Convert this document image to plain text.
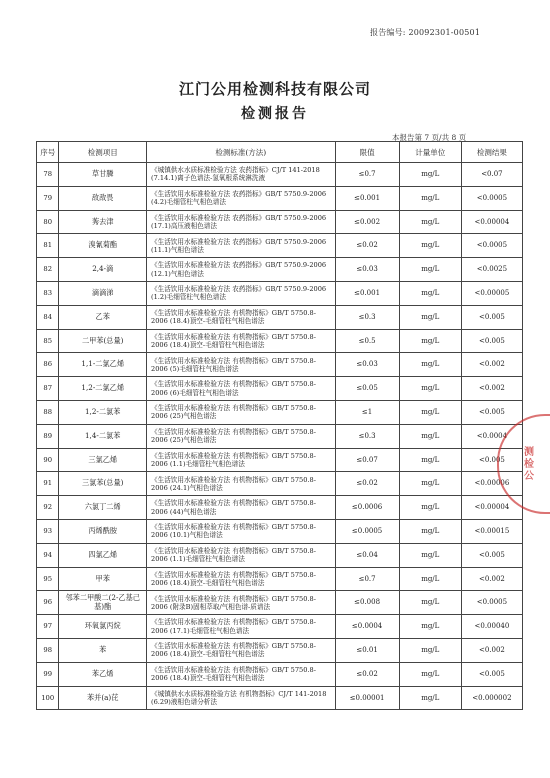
报告编号: 20092301-00501
江门公用检测科技有限公司
检测报告
本报告第 7 页/共 8 页
序号	检测项目	检测标准(方法)	限值	计量单位	检测结果
78	草甘膦	《城镇供水水质标准检验方法 农药指标》CJ/T 141-2018 (7.14.1)离子色谱法-氢氧根系统淋洗液	≤0.7	mg/L	<0.07
79	敌敌畏	《生活饮用水标准检验方法 农药指标》GB/T 5750.9-2006 (4.2)毛细管柱气相色谱法	≤0.001	mg/L	<0.0005
80	莠去津	《生活饮用水标准检验方法 农药指标》GB/T 5750.9-2006 (17.1)高压液相色谱法	≤0.002	mg/L	<0.00004
81	溴氰菊酯	《生活饮用水标准检验方法 农药指标》GB/T 5750.9-2006 (11.1)气相色谱法	≤0.02	mg/L	<0.0005
82	2,4-滴	《生活饮用水标准检验方法 农药指标》GB/T 5750.9-2006 (12.1)气相色谱法	≤0.03	mg/L	<0.0025
83	滴滴涕	《生活饮用水标准检验方法 农药指标》GB/T 5750.9-2006 (1.2)毛细管柱气相色谱法	≤0.001	mg/L	<0.00005
84	乙苯	《生活饮用水标准检验方法 有机物指标》GB/T 5750.8-2006 (18.4)顶空-毛细管柱气相色谱法	≤0.3	mg/L	<0.005
85	二甲苯(总量)	《生活饮用水标准检验方法 有机物指标》GB/T 5750.8-2006 (18.4)顶空-毛细管柱气相色谱法	≤0.5	mg/L	<0.005
86	1,1-二氯乙烯	《生活饮用水标准检验方法 有机物指标》GB/T 5750.8-2006 (5)毛细管柱气相色谱法	≤0.03	mg/L	<0.002
87	1,2-二氯乙烯	《生活饮用水标准检验方法 有机物指标》GB/T 5750.8-2006 (6)毛细管柱气相色谱法	≤0.05	mg/L	<0.002
88	1,2-二氯苯	《生活饮用水标准检验方法 有机物指标》GB/T 5750.8-2006 (25)气相色谱法	≤1	mg/L	<0.005
89	1,4-二氯苯	《生活饮用水标准检验方法 有机物指标》GB/T 5750.8-2006 (25)气相色谱法	≤0.3	mg/L	<0.0004
90	三氯乙烯	《生活饮用水标准检验方法 有机物指标》GB/T 5750.8-2006 (1.1)毛细管柱气相色谱法	≤0.07	mg/L	<0.005
91	三氯苯(总量)	《生活饮用水标准检验方法 有机物指标》GB/T 5750.8-2006 (24.1)气相色谱法	≤0.02	mg/L	<0.00006
92	六氯丁二烯	《生活饮用水标准检验方法 有机物指标》GB/T 5750.8-2006 (44)气相色谱法	≤0.0006	mg/L	<0.00004
93	丙烯酰胺	《生活饮用水标准检验方法 有机物指标》GB/T 5750.8-2006 (10.1)气相色谱法	≤0.0005	mg/L	<0.00015
94	四氯乙烯	《生活饮用水标准检验方法 有机物指标》GB/T 5750.8-2006 (1.1)毛细管柱气相色谱法	≤0.04	mg/L	<0.005
95	甲苯	《生活饮用水标准检验方法 有机物指标》GB/T 5750.8-2006 (18.4)顶空-毛细管柱气相色谱法	≤0.7	mg/L	<0.002
96	邻苯二甲酸二(2-乙基己基)酯	《生活饮用水标准检验方法 有机物指标》GB/T 5750.8-2006 (附录B)固相萃取/气相色谱-质谱法	≤0.008	mg/L	<0.0005
97	环氧氯丙烷	《生活饮用水标准检验方法 有机物指标》GB/T 5750.8-2006 (17.1)毛细管柱气相色谱法	≤0.0004	mg/L	<0.00040
98	苯	《生活饮用水标准检验方法 有机物指标》GB/T 5750.8-2006 (18.4)顶空-毛细管柱气相色谱法	≤0.01	mg/L	<0.002
99	苯乙烯	《生活饮用水标准检验方法 有机物指标》GB/T 5750.8-2006 (18.4)顶空-毛细管柱气相色谱法	≤0.02	mg/L	<0.005
100	苯并(a)芘	《城镇供水水质标准检验方法 有机物指标》CJ/T 141-2018 (6.29)液相色谱分析法	≤0.00001	mg/L	<0.000002
测检公
